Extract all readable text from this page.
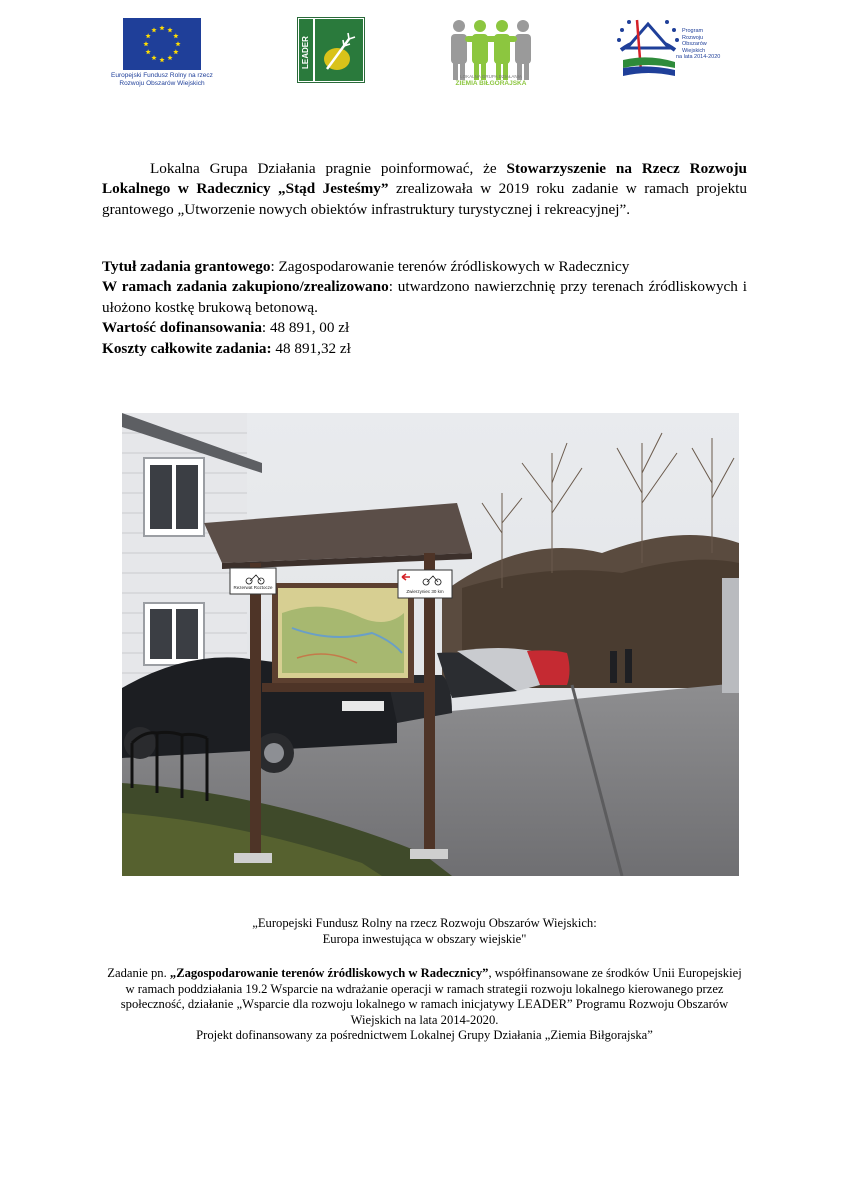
Europejski Fundusz Rolny na rzecz
Rozwoju Obszarów Wiejskich
LEADER
LOKALNA GRUPA DZIAŁANIA
ZIEMIA BIŁGORAJSKA
Program
Rozwoju
Obszarów
Wiejskich
na lata 2014-2020
Lokalna Grupa Działania pragnie poinformować, że Stowarzyszenie na Rzecz Rozwoju Lokalnego w Radecznicy „Stąd Jesteśmy” zrealizowała w 2019 roku zadanie w ramach projektu grantowego „Utworzenie nowych obiektów infrastruktury turystycznej i rekreacyjnej”.

Tytuł zadania grantowego: Zagospodarowanie terenów źródliskowych w Radecznicy

W ramach zadania zakupiono/zrealizowano: utwardzono nawierzchnię przy terenach źródliskowych i ułożono kostkę brukową betonową.

Wartość dofinansowania: 48 891, 00 zł

Koszty całkowite zadania: 48 891,32 zł

Rezerwat Roztocze
Zwierzyniec 30 km
„Europejski Fundusz Rolny na rzecz Rozwoju Obszarów Wiejskich:
Europa inwestująca w obszary wiejskie"
Zadanie pn. „Zagospodarowanie terenów źródliskowych w Radecznicy”, współfinansowane ze środków Unii Europejskiej w ramach poddziałania 19.2 Wsparcie na wdrażanie operacji w ramach strategii rozwoju lokalnego kierowanego przez społeczność, działanie „Wsparcie dla rozwoju lokalnego w ramach inicjatywy LEADER” Programu Rozwoju Obszarów Wiejskich na lata 2014-2020.
Projekt dofinansowany za pośrednictwem Lokalnej Grupy Działania „Ziemia Biłgorajska”
